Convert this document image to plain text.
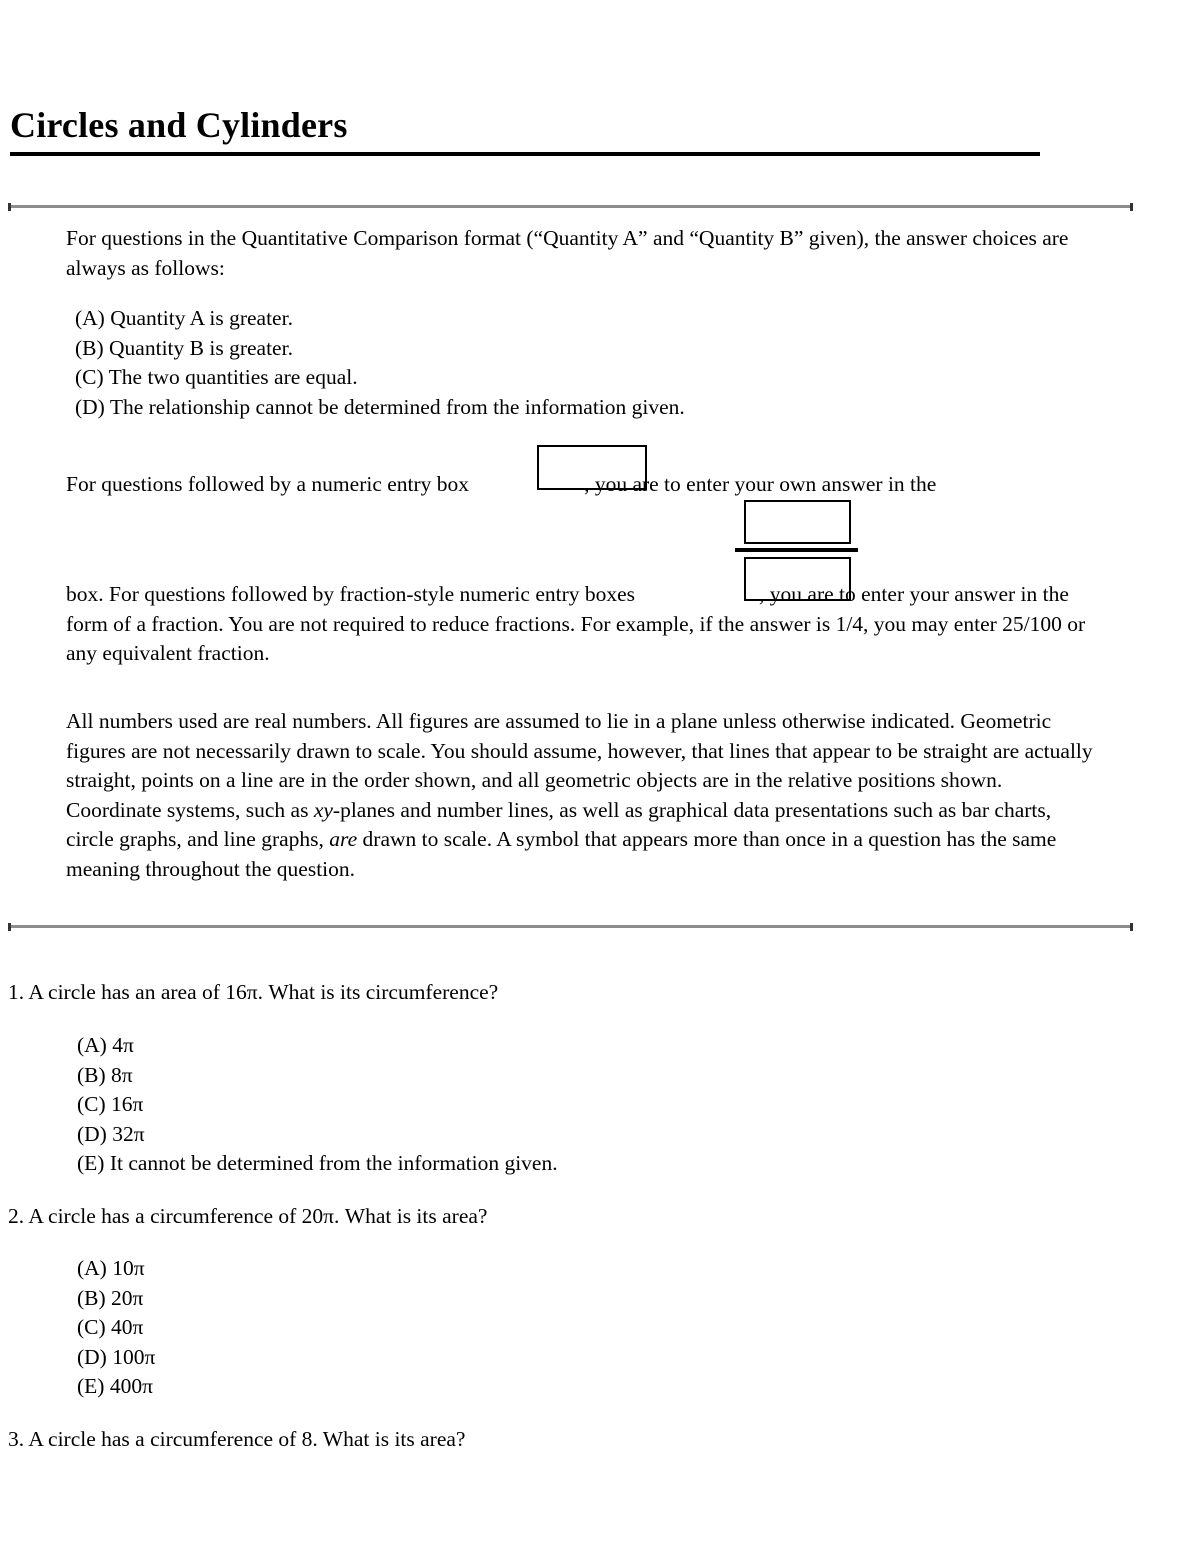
Circles and Cylinders

For questions in the Quantitative Comparison format (“Quantity A” and “Quantity B” given), the answer choices are always as follows:

(A) Quantity A is greater.
(B) Quantity B is greater.
(C) The two quantities are equal.
(D) The relationship cannot be determined from the information given.

For questions followed by a numeric entry box	, you are to enter your own answer in the

box. For questions followed by fraction-style numeric entry boxes	, you are to enter your answer in the form of a fraction. You are not required to reduce fractions. For example, if the answer is 1/4, you may enter 25/100 or any equivalent fraction.

All numbers used are real numbers. All figures are assumed to lie in a plane unless otherwise indicated. Geometric figures are not necessarily drawn to scale. You should assume, however, that lines that appear to be straight are actually straight, points on a line are in the order shown, and all geometric objects are in the relative positions shown. Coordinate systems, such as xy-planes and number lines, as well as graphical data presentations such as bar charts, circle graphs, and line graphs, are drawn to scale. A symbol that appears more than once in a question has the same meaning throughout the question.

1. A circle has an area of 16π. What is its circumference?

(A) 4π
(B) 8π
(C) 16π
(D) 32π
(E) It cannot be determined from the information given.

2. A circle has a circumference of 20π. What is its area?

(A) 10π
(B) 20π
(C) 40π
(D) 100π
(E) 400π

3. A circle has a circumference of 8. What is its area?
